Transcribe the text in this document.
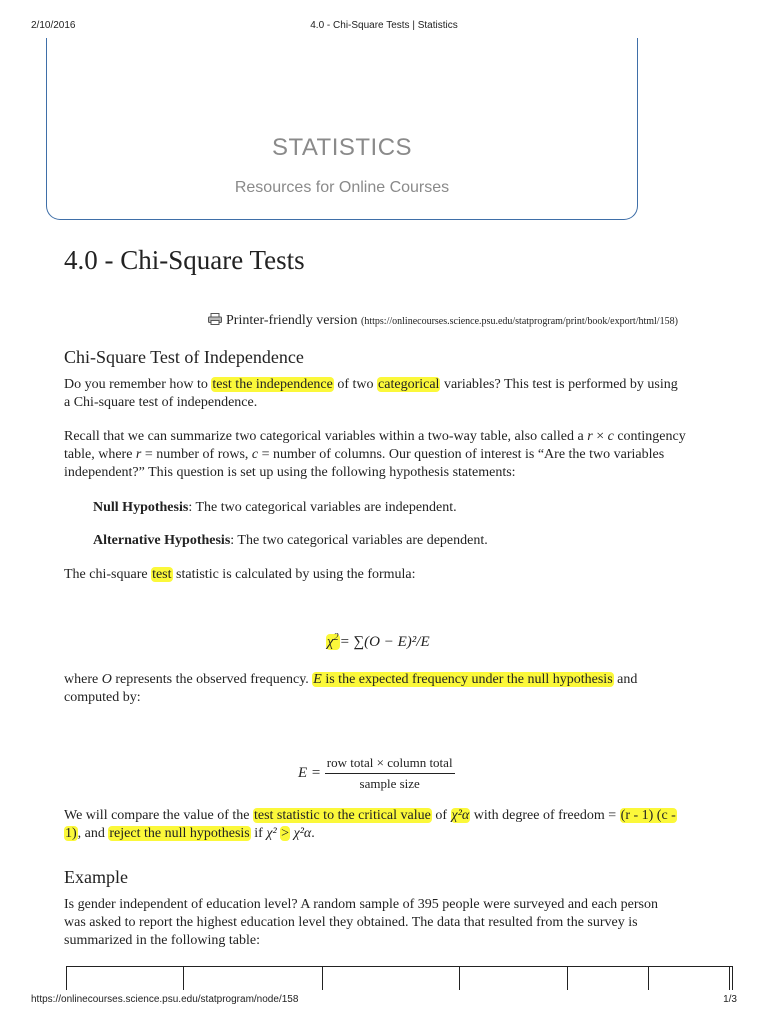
2/10/2016	4.0 - Chi-Square Tests | Statistics
STATISTICS
Resources for Online Courses
4.0 - Chi-Square Tests
Printer-friendly version (https://onlinecourses.science.psu.edu/statprogram/print/book/export/html/158)
Chi-Square Test of Independence

Do you remember how to test the independence of two categorical variables? This test is performed by using

a Chi-square test of independence.

Recall that we can summarize two categorical variables within a two-way table, also called a r × c contingency

table, where r = number of rows, c = number of columns. Our question of interest is “Are the two variables

independent?” This question is set up using the following hypothesis statements:

Null Hypothesis: The two categorical variables are independent.

Alternative Hypothesis: The two categorical variables are dependent.

The chi-square test statistic is calculated by using the formula:

$\chi^2= \sum(O - E)^2/E$

where O represents the observed frequency. E is the expected frequency under the null hypothesis and

computed by:

$E = \frac{\text{row total × column total}}{\text{sample size}}$

We will compare the value of the test statistic to the critical value of χ²α with degree of freedom = (r - 1) (c -

1), and reject the null hypothesis if χ² > χ²α.

Example

Is gender independent of education level? A random sample of 395 people were surveyed and each person

was asked to report the highest education level they obtained. The data that resulted from the survey is

summarized in the following table:

https://onlinecourses.science.psu.edu/statprogram/node/158	1/3
